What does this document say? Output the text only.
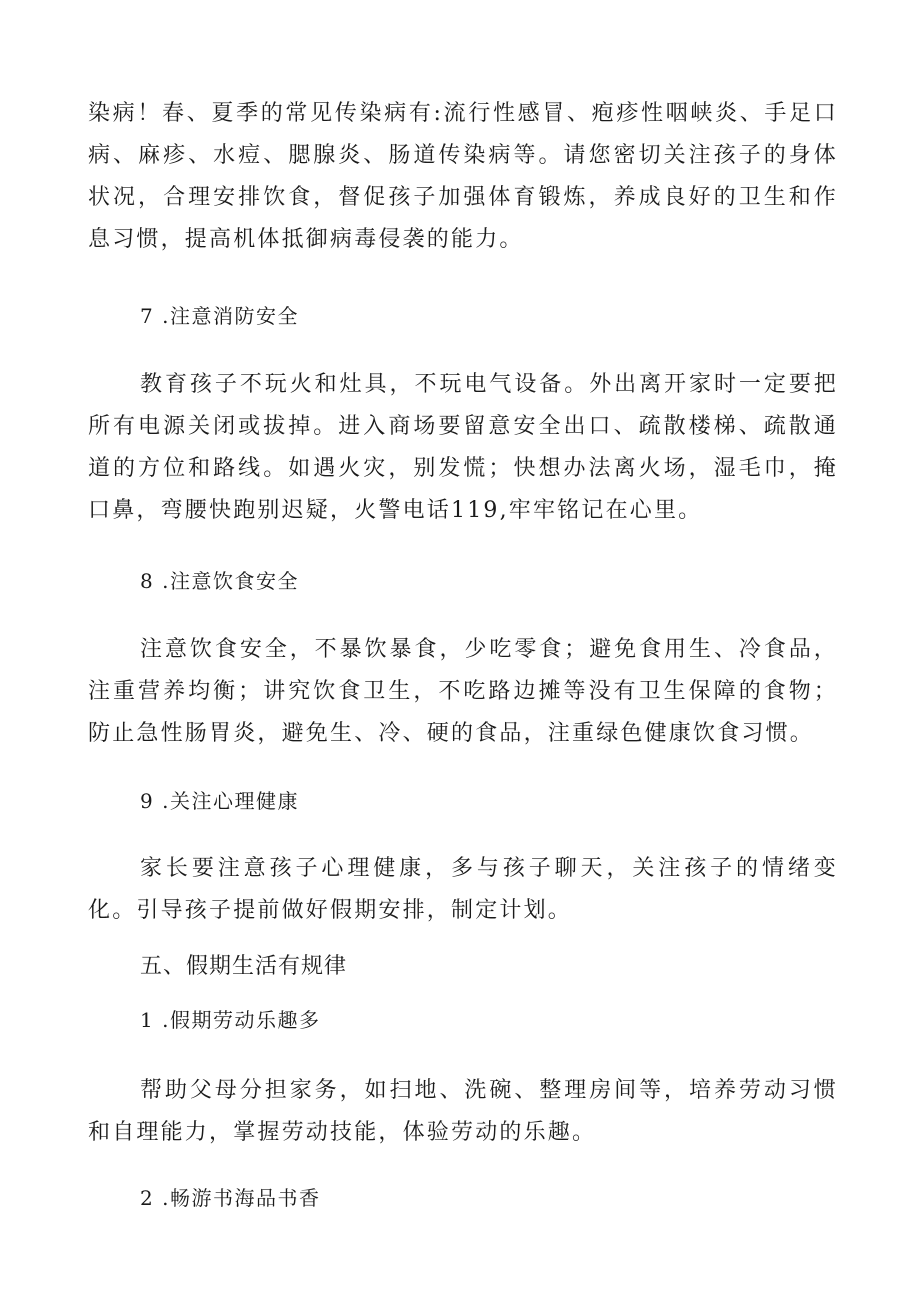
染病！春、夏季的常见传染病有:流行性感冒、疱疹性咽峡炎、手足口病、麻疹、水痘、腮腺炎、肠道传染病等。请您密切关注孩子的身体状况，合理安排饮食，督促孩子加强体育锻炼，养成良好的卫生和作息习惯，提高机体抵御病毒侵袭的能力。

7 .注意消防安全

教育孩子不玩火和灶具，不玩电气设备。外出离开家时一定要把所有电源关闭或拔掉。进入商场要留意安全出口、疏散楼梯、疏散通道的方位和路线。如遇火灾，别发慌；快想办法离火场，湿毛巾，掩口鼻，弯腰快跑别迟疑，火警电话119,牢牢铭记在心里。

8 .注意饮食安全

注意饮食安全，不暴饮暴食，少吃零食；避免食用生、冷食品，注重营养均衡；讲究饮食卫生，不吃路边摊等没有卫生保障的食物；防止急性肠胃炎，避免生、冷、硬的食品，注重绿色健康饮食习惯。

9 .关注心理健康

家长要注意孩子心理健康，多与孩子聊天，关注孩子的情绪变化。引导孩子提前做好假期安排，制定计划。

五、假期生活有规律

1 .假期劳动乐趣多

帮助父母分担家务，如扫地、洗碗、整理房间等，培养劳动习惯和自理能力，掌握劳动技能，体验劳动的乐趣。

2 .畅游书海品书香
